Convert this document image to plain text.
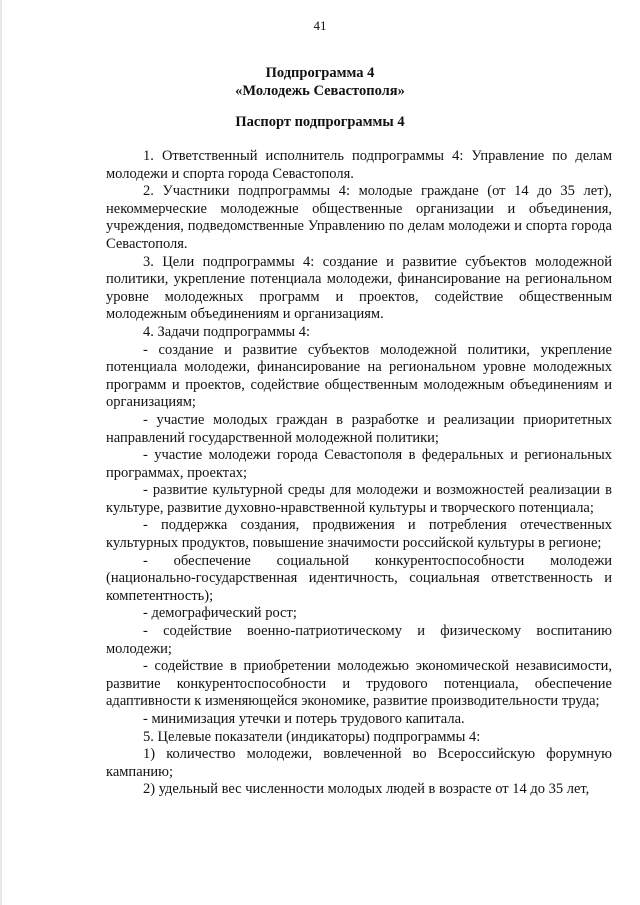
41
Подпрограмма 4
«Молодежь Севастополя»
Паспорт подпрограммы 4

1. Ответственный исполнитель подпрограммы 4: Управление по делам молодежи и спорта города Севастополя.

2. Участники подпрограммы 4: молодые граждане (от 14 до 35 лет), некоммерческие молодежные общественные организации и объединения, учреждения, подведомственные Управлению по делам молодежи и спорта города Севастополя.

3. Цели подпрограммы 4: создание и развитие субъектов молодежной политики, укрепление потенциала молодежи, финансирование на региональном уровне молодежных программ и проектов, содействие общественным молодежным объединениям и организациям.

4. Задачи подпрограммы 4:

- создание и развитие субъектов молодежной политики, укрепление потенциала молодежи, финансирование на региональном уровне молодежных программ и проектов, содействие общественным молодежным объединениям и организациям;

- участие молодых граждан в разработке и реализации приоритетных направлений государственной молодежной политики;

- участие молодежи города Севастополя в федеральных и региональных программах, проектах;

- развитие культурной среды для молодежи и возможностей реализации в культуре, развитие духовно-нравственной культуры и творческого потенциала;

- поддержка создания, продвижения и потребления отечественных культурных продуктов, повышение значимости российской культуры в регионе;

- обеспечение социальной конкурентоспособности молодежи (национально-государственная идентичность, социальная ответственность и компетентность);

- демографический рост;

- содействие военно-патриотическому и физическому воспитанию молодежи;

- содействие в приобретении молодежью экономической независимости, развитие конкурентоспособности и трудового потенциала, обеспечение адаптивности к изменяющейся экономике, развитие производительности труда;

- минимизация утечки и потерь трудового капитала.

5. Целевые показатели (индикаторы) подпрограммы 4:

1) количество молодежи, вовлеченной во Всероссийскую форумную кампанию;

2) удельный вес численности молодых людей в возрасте от 14 до 35 лет,
